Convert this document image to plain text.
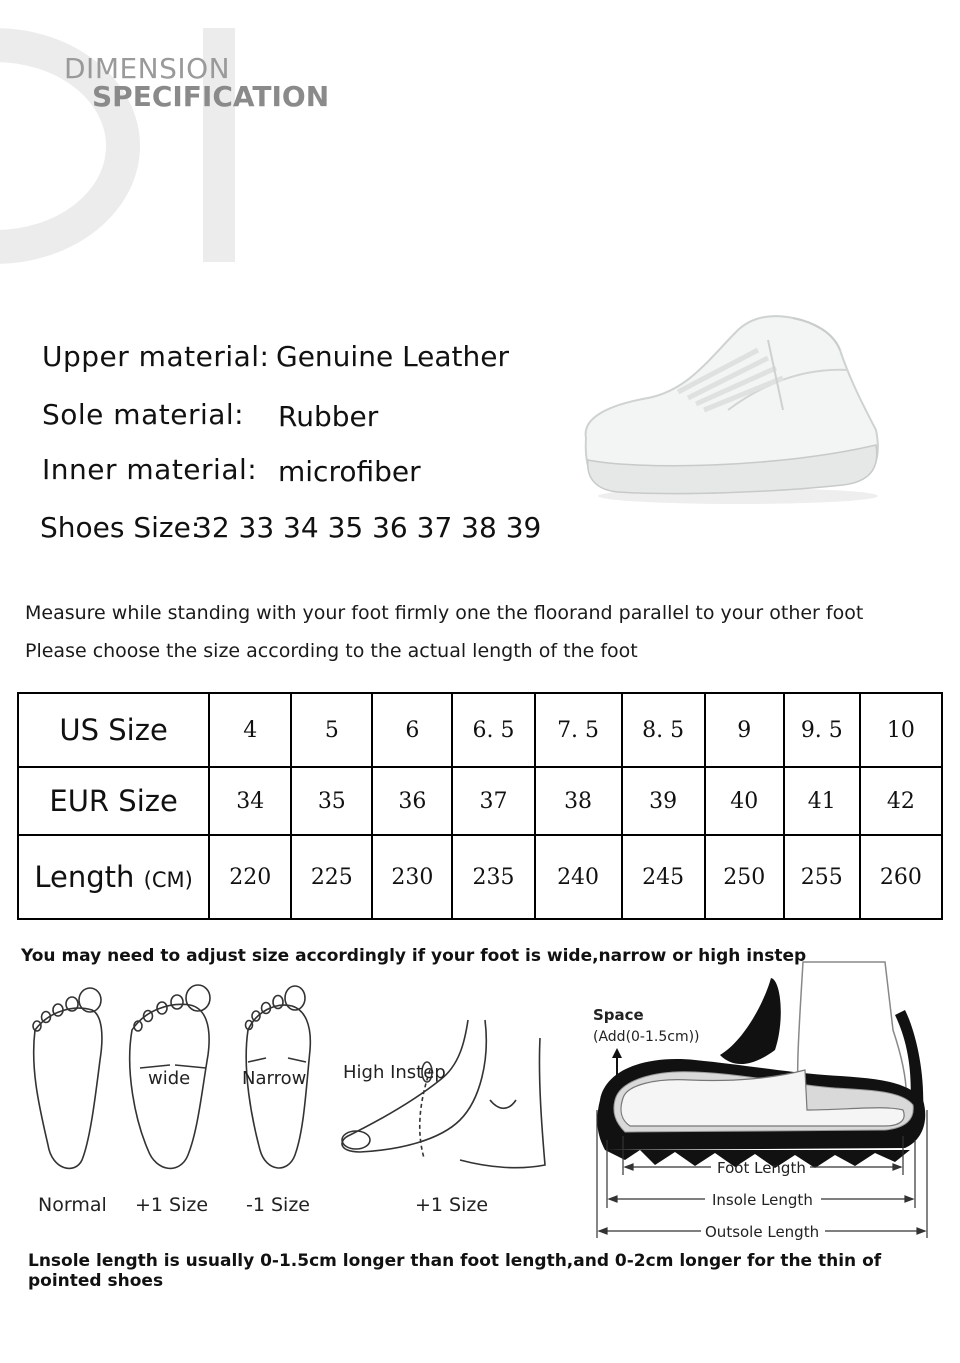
DIMENSION
SPECIFICATION
Upper material: Genuine Leather
Sole material: Rubber
Inner material: microfiber
Shoes Size:
32 33 34 35 36 37 38 39
Measure while standing with your foot firmly one the floorand parallel to your other foot
Please choose the size according to the actual length of the foot
US Size	4	5	6	6. 5	7. 5	8. 5	9	9. 5	10
EUR Size	34	35	36	37	38	39	40	41	42
Length (CM)	220	225	230	235	240	245	250	255	260
You may need to adjust size accordingly if your foot is wide,narrow or high instep
wide	Narrow High Instep
Normal +1 Size -1 Size	+1 Size
Space
(Add(0-1.5cm))
Foot Length
Insole Length
Outsole Length
Lnsole length is usually 0-1.5cm longer than foot length,and 0-2cm longer for the thin of pointed shoes
